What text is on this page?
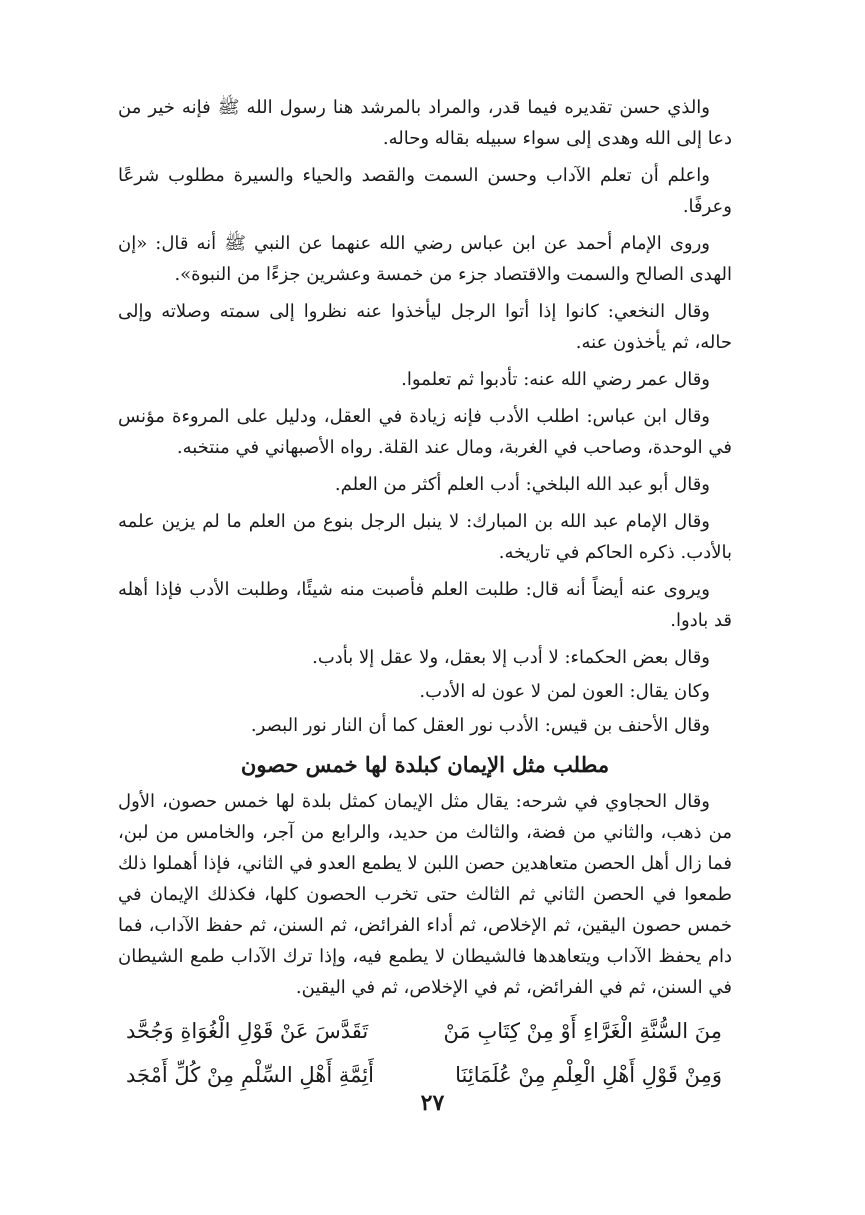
والذي حسن تقديره فيما قدر، والمراد بالمرشد هنا رسول الله ﷺ فإنه خير من دعا إلى الله وهدى إلى سواء سبيله بقاله وحاله.

واعلم أن تعلم الآداب وحسن السمت والقصد والحياء والسيرة مطلوب شرعًا وعرفًا.

وروى الإمام أحمد عن ابن عباس رضي الله عنهما عن النبي ﷺ أنه قال: «إن الهدى الصالح والسمت والاقتصاد جزء من خمسة وعشرين جزءًا من النبوة».

وقال النخعي: كانوا إذا أتوا الرجل ليأخذوا عنه نظروا إلى سمته وصلاته وإلى حاله، ثم يأخذون عنه.

وقال عمر رضي الله عنه: تأدبوا ثم تعلموا.

وقال ابن عباس: اطلب الأدب فإنه زيادة في العقل، ودليل على المروءة مؤنس في الوحدة، وصاحب في الغربة، ومال عند القلة. رواه الأصبهاني في منتخبه.

وقال أبو عبد الله البلخي: أدب العلم أكثر من العلم.

وقال الإمام عبد الله بن المبارك: لا ينبل الرجل بنوع من العلم ما لم يزين علمه بالأدب. ذكره الحاكم في تاريخه.

ويروى عنه أيضاً أنه قال: طلبت العلم فأصبت منه شيئًا، وطلبت الأدب فإذا أهله قد بادوا.

وقال بعض الحكماء: لا أدب إلا بعقل، ولا عقل إلا بأدب.

وكان يقال: العون لمن لا عون له الأدب.

وقال الأحنف بن قيس: الأدب نور العقل كما أن النار نور البصر.

مطلب مثل الإيمان كبلدة لها خمس حصون

وقال الحجاوي في شرحه: يقال مثل الإيمان كمثل بلدة لها خمس حصون، الأول من ذهب، والثاني من فضة، والثالث من حديد، والرابع من آجر، والخامس من لبن، فما زال أهل الحصن متعاهدين حصن اللبن لا يطمع العدو في الثاني، فإذا أهملوا ذلك طمعوا في الحصن الثاني ثم الثالث حتى تخرب الحصون كلها، فكذلك الإيمان في خمس حصون اليقين، ثم الإخلاص، ثم أداء الفرائض، ثم السنن، ثم حفظ الآداب، فما دام يحفظ الآداب ويتعاهدها فالشيطان لا يطمع فيه، وإذا ترك الآداب طمع الشيطان في السنن، ثم في الفرائض، ثم في الإخلاص، ثم في اليقين.

مِنَ السُّنَّةِ الْغَرَّاءِ أَوْ مِنْ كِتَابِ مَنْ
تَقَدَّسَ عَنْ قَوْلِ الْغُوَاةِ وَجُحَّد
وَمِنْ قَوْلِ أَهْلِ الْعِلْمِ مِنْ عُلَمَائِنَا
أَئِمَّةِ أَهْلِ السِّلْمِ مِنْ كُلِّ أَمْجَد
٢٧
